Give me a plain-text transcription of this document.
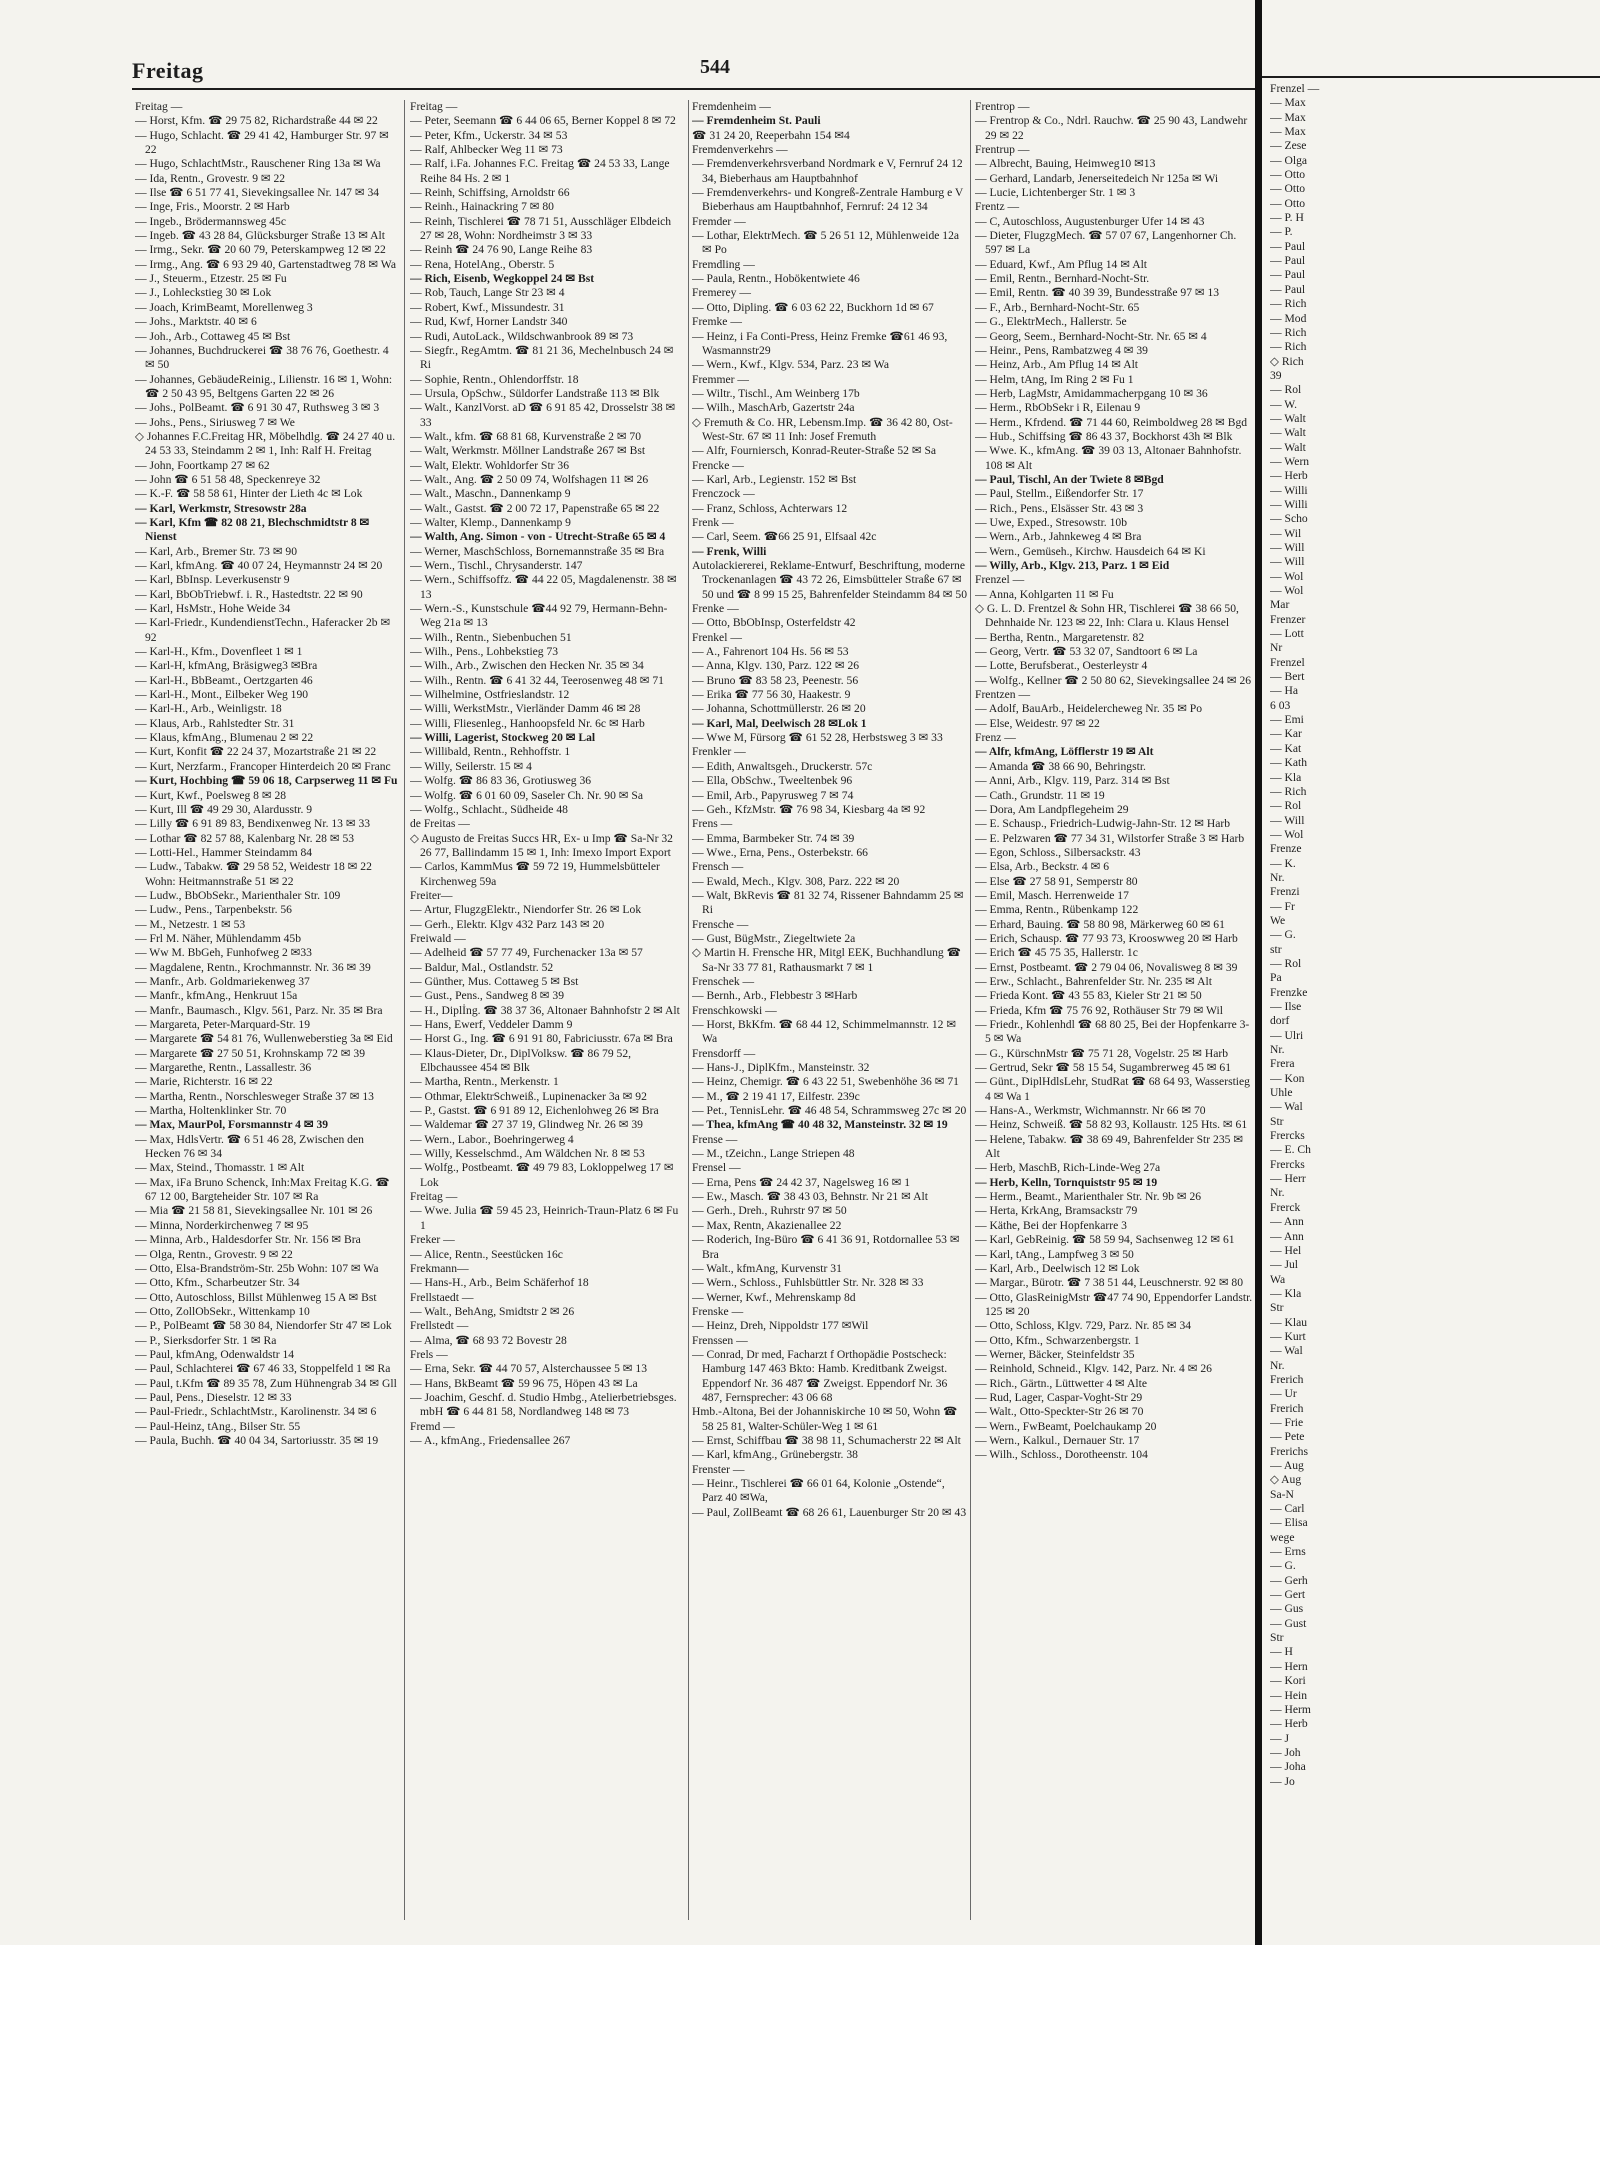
Freitag	544
Freitag —
— Horst, Kfm. ☎ 29 75 82, Richardstraße 44 ✉ 22
— Hugo, Schlacht. ☎ 29 41 42, Hamburger Str. 97 ✉ 22
— Hugo, SchlachtMstr., Rauschener Ring 13a ✉ Wa
— Ida, Rentn., Grovestr. 9 ✉ 22
— Ilse ☎ 6 51 77 41, Sievekingsallee Nr. 147 ✉ 34
— Inge, Fris., Moorstr. 2 ✉ Harb
— Ingeb., Brödermannsweg 45c
— Ingeb. ☎ 43 28 84, Glücksburger Straße 13 ✉ Alt
— Irmg., Sekr. ☎ 20 60 79, Peterskampweg 12 ✉ 22
— Irmg., Ang. ☎ 6 93 29 40, Gartenstadtweg 78 ✉ Wa
— J., Steuerm., Etzestr. 25 ✉ Fu
— J., Lohleckstieg 30 ✉ Lok
— Joach, KrimBeamt, Morellenweg 3
— Johs., Marktstr. 40 ✉ 6
— Joh., Arb., Cottaweg 45 ✉ Bst
— Johannes, Buchdruckerei ☎ 38 76 76, Goethestr. 4 ✉ 50
— Johannes, GebäudeReinig., Lilienstr. 16 ✉ 1, Wohn: ☎ 2 50 43 95, Beltgens Garten 22 ✉ 26
— Johs., PolBeamt. ☎ 6 91 30 47, Ruthsweg 3 ✉ 3
— Johs., Pens., Siriusweg 7 ✉ We
◇ Johannes F.C.Freitag HR, Möbelhdlg. ☎ 24 27 40 u. 24 53 33, Steindamm 2 ✉ 1, Inh: Ralf H. Freitag
— John, Foortkamp 27 ✉ 62
— John ☎ 6 51 58 48, Speckenreye 32
— K.-F. ☎ 58 58 61, Hinter der Lieth 4c ✉ Lok
— Karl, Werkmstr, Stresowstr 28a
— Karl, Kfm ☎ 82 08 21, Blechschmidtstr 8 ✉ Nienst
— Karl, Arb., Bremer Str. 73 ✉ 90
— Karl, kfmAng. ☎ 40 07 24, Heymannstr 24 ✉ 20
— Karl, BbInsp. Leverkusenstr 9
— Karl, BbObTriebwf. i. R., Hastedtstr. 22 ✉ 90
— Karl, HsMstr., Hohe Weide 34
— Karl-Friedr., KundendienstTechn., Haferacker 2b ✉ 92
— Karl-H., Kfm., Dovenfleet 1 ✉ 1
— Karl-H, kfmAng, Bräsigweg3 ✉Bra
— Karl-H., BbBeamt., Oertzgarten 46
— Karl-H., Mont., Eilbeker Weg 190
— Karl-H., Arb., Weinligstr. 18
— Klaus, Arb., Rahlstedter Str. 31
— Klaus, kfmAng., Blumenau 2 ✉ 22
— Kurt, Konfit ☎ 22 24 37, Mozartstraße 21 ✉ 22
— Kurt, Nerzfarm., Francoper Hinterdeich 20 ✉ Franc
— Kurt, Hochbing ☎ 59 06 18, Carpserweg 11 ✉ Fu
— Kurt, Kwf., Poelsweg 8 ✉ 28
— Kurt, Ill ☎ 49 29 30, Alardusstr. 9
— Lilly ☎ 6 91 89 83, Bendixenweg Nr. 13 ✉ 33
— Lothar ☎ 82 57 88, Kalenbarg Nr. 28 ✉ 53
— Lotti-Hel., Hammer Steindamm 84
— Ludw., Tabakw. ☎ 29 58 52, Weidestr 18 ✉ 22 Wohn: Heitmannstraße 51 ✉ 22
— Ludw., BbObSekr., Marienthaler Str. 109
— Ludw., Pens., Tarpenbekstr. 56
— M., Netzestr. 1 ✉ 53
— Frl M. Näher, Mühlendamm 45b
— Ww M. BbGeh, Funhofweg 2 ✉33
— Magdalene, Rentn., Krochmannstr. Nr. 36 ✉ 39
— Manfr., Arb. Goldmariekenweg 37
— Manfr., kfmAng., Henkruut 15a
— Manfr., Baumasch., Klgv. 561, Parz. Nr. 35 ✉ Bra
— Margareta, Peter-Marquard-Str. 19
— Margarete ☎ 54 81 76, Wullenweberstieg 3a ✉ Eid
— Margarete ☎ 27 50 51, Krohnskamp 72 ✉ 39
— Margarethe, Rentn., Lassallestr. 36
— Marie, Richterstr. 16 ✉ 22
— Martha, Rentn., Norschlesweger Straße 37 ✉ 13
— Martha, Holtenklinker Str. 70
— Max, MaurPol, Forsmannstr 4 ✉ 39
— Max, HdlsVertr. ☎ 6 51 46 28, Zwischen den Hecken 76 ✉ 34
— Max, Steind., Thomasstr. 1 ✉ Alt
— Max, iFa Bruno Schenck, Inh:Max Freitag K.G. ☎ 67 12 00, Bargteheider Str. 107 ✉ Ra
— Mia ☎ 21 58 81, Sievekingsallee Nr. 101 ✉ 26
— Minna, Norderkirchenweg 7 ✉ 95
— Minna, Arb., Haldesdorfer Str. Nr. 156 ✉ Bra
— Olga, Rentn., Grovestr. 9 ✉ 22
— Otto, Elsa-Brandström-Str. 25b Wohn: 107 ✉ Wa
— Otto, Kfm., Scharbeutzer Str. 34
— Otto, Autoschloss, Billst Mühlenweg 15 A ✉ Bst
— Otto, ZollObSekr., Wittenkamp 10
— P., PolBeamt ☎ 58 30 84, Niendorfer Str 47 ✉ Lok
— P., Sierksdorfer Str. 1 ✉ Ra
— Paul, kfmAng, Odenwaldstr 14
— Paul, Schlachterei ☎ 67 46 33, Stoppelfeld 1 ✉ Ra
— Paul, t.Kfm ☎ 89 35 78, Zum Hühnengrab 34 ✉ Gll
— Paul, Pens., Dieselstr. 12 ✉ 33
— Paul-Friedr., SchlachtMstr., Karolinenstr. 34 ✉ 6
— Paul-Heinz, tAng., Bilser Str. 55
— Paula, Buchh. ☎ 40 04 34, Sartoriusstr. 35 ✉ 19
Freitag —
— Peter, Seemann ☎ 6 44 06 65, Berner Koppel 8 ✉ 72
— Peter, Kfm., Uckerstr. 34 ✉ 53
— Ralf, Ahlbecker Weg 11 ✉ 73
— Ralf, i.Fa. Johannes F.C. Freitag ☎ 24 53 33, Lange Reihe 84 Hs. 2 ✉ 1
— Reinh, Schiffsing, Arnoldstr 66
— Reinh., Hainackring 7 ✉ 80
— Reinh, Tischlerei ☎ 78 71 51, Ausschläger Elbdeich 27 ✉ 28, Wohn: Nordheimstr 3 ✉ 33
— Reinh ☎ 24 76 90, Lange Reihe 83
— Rena, HotelAng., Oberstr. 5
— Rich, Eisenb, Wegkoppel 24 ✉ Bst
— Rob, Tauch, Lange Str 23 ✉ 4
— Robert, Kwf., Missundestr. 31
— Rud, Kwf, Horner Landstr 340
— Rudi, AutoLack., Wildschwanbrook 89 ✉ 73
— Siegfr., RegAmtm. ☎ 81 21 36, Mechelnbusch 24 ✉ Ri
— Sophie, Rentn., Ohlendorffstr. 18
— Ursula, OpSchw., Süldorfer Landstraße 113 ✉ Blk
— Walt., KanzlVorst. aD ☎ 6 91 85 42, Drosselstr 38 ✉ 33
— Walt., kfm. ☎ 68 81 68, Kurvenstraße 2 ✉ 70
— Walt, Werkmstr. Möllner Landstraße 267 ✉ Bst
— Walt, Elektr. Wohldorfer Str 36
— Walt., Ang. ☎ 2 50 09 74, Wolfshagen 11 ✉ 26
— Walt., Maschn., Dannenkamp 9
— Walt., Gastst. ☎ 2 00 72 17, Papenstraße 65 ✉ 22
— Walter, Klemp., Dannenkamp 9
— Walth, Ang. Simon - von - Utrecht-Straße 65 ✉ 4
— Werner, MaschSchloss, Bornemannstraße 35 ✉ Bra
— Wern., Tischl., Chrysanderstr. 147
— Wern., Schiffsoffz. ☎ 44 22 05, Magdalenenstr. 38 ✉ 13
— Wern.-S., Kunstschule ☎44 92 79, Hermann-Behn-Weg 21a ✉ 13
— Wilh., Rentn., Siebenbuchen 51
— Wilh., Pens., Lohbekstieg 73
— Wilh., Arb., Zwischen den Hecken Nr. 35 ✉ 34
— Wilh., Rentn. ☎ 6 41 32 44, Teerosenweg 48 ✉ 71
— Wilhelmine, Ostfrieslandstr. 12
— Willi, WerkstMstr., Vierländer Damm 46 ✉ 28
— Willi, Fliesenleg., Hanhoopsfeld Nr. 6c ✉ Harb
— Willi, Lagerist, Stockweg 20 ✉ Lal
— Willibald, Rentn., Rehhoffstr. 1
— Willy, Seilerstr. 15 ✉ 4
— Wolfg. ☎ 86 83 36, Grotiusweg 36
— Wolfg. ☎ 6 01 60 09, Saseler Ch. Nr. 90 ✉ Sa
— Wolfg., Schlacht., Südheide 48
de Freitas —
◇ Augusto de Freitas Succs HR, Ex- u Imp ☎ Sa-Nr 32 26 77, Ballindamm 15 ✉ 1, Inh: Imexo Import Export
— Carlos, KammMus ☎ 59 72 19, Hummelsbütteler Kirchenweg 59a
Freiter—
— Artur, FlugzgElektr., Niendorfer Str. 26 ✉ Lok
— Gerh., Elektr. Klgv 432 Parz 143 ✉ 20
Freiwald —
— Adelheid ☎ 57 77 49, Furchenacker 13a ✉ 57
— Baldur, Mal., Ostlandstr. 52
— Günther, Mus. Cottaweg 5 ✉ Bst
— Gust., Pens., Sandweg 8 ✉ 39
— H., Diplİng. ☎ 38 37 36, Altonaer Bahnhofstr 2 ✉ Alt
— Hans, Ewerf, Veddeler Damm 9
— Horst G., Ing. ☎ 6 91 91 80, Fabriciusstr. 67a ✉ Bra
— Klaus-Dieter, Dr., DiplVolksw. ☎ 86 79 52, Elbchaussee 454 ✉ Blk
— Martha, Rentn., Merkenstr. 1
— Othmar, ElektrSchweiß., Lupinenacker 3a ✉ 92
— P., Gastst. ☎ 6 91 89 12, Eichenlohweg 26 ✉ Bra
— Waldemar ☎ 27 37 19, Glindweg Nr. 26 ✉ 39
— Wern., Labor., Boehringerweg 4
— Willy, Kesselschmd., Am Wäldchen Nr. 8 ✉ 53
— Wolfg., Postbeamt. ☎ 49 79 83, Lokloppelweg 17 ✉ Lok
Freitag —
— Wwe. Julia ☎ 59 45 23, Heinrich-Traun-Platz 6 ✉ Fu 1
Freker —
— Alice, Rentn., Seestücken 16c
Frekmann—
— Hans-H., Arb., Beim Schäferhof 18
Frellstaedt —
— Walt., BehAng, Smidtstr 2 ✉ 26
Frellstedt —
— Alma, ☎ 68 93 72 Bovestr 28
Frels —
— Erna, Sekr. ☎ 44 70 57, Alsterchaussee 5 ✉ 13
— Hans, BkBeamt ☎ 59 96 75, Höpen 43 ✉ La
— Joachim, Geschf. d. Studio Hmbg., Atelierbetriebsges. mbH ☎ 6 44 81 58, Nordlandweg 148 ✉ 73
Fremd —
— A., kfmAng., Friedensallee 267
Fremdenheim —
— Fremdenheim St. Pauli
☎ 31 24 20, Reeperbahn 154 ✉4
Fremdenverkehrs —
— Fremdenverkehrsverband Nordmark e V, Fernruf 24 12 34, Bieberhaus am Hauptbahnhof
— Fremdenverkehrs- und Kongreß-Zentrale Hamburg e V Bieberhaus am Hauptbahnhof, Fernruf: 24 12 34
Fremder —
— Lothar, ElektrMech. ☎ 5 26 51 12, Mühlenweide 12a ✉ Po
Fremdling —
— Paula, Rentn., Hobökentwiete 46
Fremerey —
— Otto, Dipling. ☎ 6 03 62 22, Buckhorn 1d ✉ 67
Fremke —
— Heinz, i Fa Conti-Press, Heinz Fremke ☎61 46 93, Wasmannstr29
— Wern., Kwf., Klgv. 534, Parz. 23 ✉ Wa
Fremmer —
— Wiltr., Tischl., Am Weinberg 17b
— Wilh., MaschArb, Gazertstr 24a
◇ Fremuth & Co. HR, Lebensm.Imp. ☎ 36 42 80, Ost-West-Str. 67 ✉ 11 Inh: Josef Fremuth
— Alfr, Fourniersch, Konrad-Reuter-Straße 52 ✉ Sa
Frencke —
— Karl, Arb., Legienstr. 152 ✉ Bst
Frenczock —
— Franz, Schloss, Achterwars 12
Frenk —
— Carl, Seem. ☎66 25 91, Elfsaal 42c
— Frenk, Willi
Autolackiererei, Reklame-Entwurf, Beschriftung, moderne Trockenanlagen ☎ 43 72 26, Eimsbütteler Straße 67 ✉ 50 und ☎ 8 99 15 25, Bahrenfelder Steindamm 84 ✉ 50
Frenke —
— Otto, BbObInsp, Osterfeldstr 42
Frenkel —
— A., Fahrenort 104 Hs. 56 ✉ 53
— Anna, Klgv. 130, Parz. 122 ✉ 26
— Bruno ☎ 83 58 23, Peenestr. 56
— Erika ☎ 77 56 30, Haakestr. 9
— Johanna, Schottmüllerstr. 26 ✉ 20
— Karl, Mal, Deelwisch 28 ✉Lok 1
— Wwe M, Fürsorg ☎ 61 52 28, Herbstsweg 3 ✉ 33
Frenkler —
— Edith, Anwaltsgeh., Druckerstr. 57c
— Ella, ObSchw., Tweeltenbek 96
— Emil, Arb., Papyrusweg 7 ✉ 74
— Geh., KfzMstr. ☎ 76 98 34, Kiesbarg 4a ✉ 92
Frens —
— Emma, Barmbeker Str. 74 ✉ 39
— Wwe., Erna, Pens., Osterbekstr. 66
Frensch —
— Ewald, Mech., Klgv. 308, Parz. 222 ✉ 20
— Walt, BkRevis ☎ 81 32 74, Rissener Bahndamm 25 ✉ Ri
Frensche —
— Gust, BügMstr., Ziegeltwiete 2a
◇ Martin H. Frensche HR, Mitgl EEK, Buchhandlung ☎ Sa-Nr 33 77 81, Rathausmarkt 7 ✉ 1
Frenschek —
— Bernh., Arb., Flebbestr 3 ✉Harb
Frenschkowski —
— Horst, BkKfm. ☎ 68 44 12, Schimmelmannstr. 12 ✉ Wa
Frensdorff —
— Hans-J., DiplKfm., Mansteinstr. 32
— Heinz, Chemigr. ☎ 6 43 22 51, Swebenhöhe 36 ✉ 71
— M., ☎ 2 19 41 17, Eilfestr. 239c
— Pet., TennisLehr. ☎ 46 48 54, Schrammsweg 27c ✉ 20
— Thea, kfmAng ☎ 40 48 32, Mansteinstr. 32 ✉ 19
Frense —
— M., tZeichn., Lange Striepen 48
Frensel —
— Erna, Pens ☎ 24 42 37, Nagelsweg 16 ✉ 1
— Ew., Masch. ☎ 38 43 03, Behnstr. Nr 21 ✉ Alt
— Gerh., Dreh., Ruhrstr 97 ✉ 50
— Max, Rentn, Akazienallee 22
— Roderich, Ing-Büro ☎ 6 41 36 91, Rotdornallee 53 ✉ Bra
— Walt., kfmAng, Kurvenstr 31
— Wern., Schloss., Fuhlsbüttler Str. Nr. 328 ✉ 33
— Werner, Kwf., Mehrenskamp 8d
Frenske —
— Heinz, Dreh, Nippoldstr 177 ✉Wil
Frenssen —
— Conrad, Dr med, Facharzt f Orthopädie Postscheck: Hamburg 147 463 Bkto: Hamb. Kreditbank Zweigst. Eppendorf Nr. 36 487 ☎ Zweigst. Eppendorf Nr. 36 487, Fernsprecher: 43 06 68
Hmb.-Altona, Bei der Johanniskirche 10 ✉ 50, Wohn ☎ 58 25 81, Walter-Schüler-Weg 1 ✉ 61
— Ernst, Schiffbau ☎ 38 98 11, Schumacherstr 22 ✉ Alt
— Karl, kfmAng., Grünebergstr. 38
Frenster —
— Heinr., Tischlerei ☎ 66 01 64, Kolonie „Ostende“, Parz 40 ✉Wa,
— Paul, ZollBeamt ☎ 68 26 61, Lauenburger Str 20 ✉ 43
Frentrop —
— Frentrop & Co., Ndrl. Rauchw. ☎ 25 90 43, Landwehr 29 ✉ 22
Frentrup —
— Albrecht, Bauing, Heimweg10 ✉13
— Gerhard, Landarb, Jenerseitedeich Nr 125a ✉ Wi
— Lucie, Lichtenberger Str. 1 ✉ 3
Frentz —
— C, Autoschloss, Augustenburger Ufer 14 ✉ 43
— Dieter, FlugzgMech. ☎ 57 07 67, Langenhorner Ch. 597 ✉ La
— Eduard, Kwf., Am Pflug 14 ✉ Alt
— Emil, Rentn., Bernhard-Nocht-Str.
— Emil, Rentn. ☎ 40 39 39, Bundesstraße 97 ✉ 13
— F., Arb., Bernhard-Nocht-Str. 65
— G., ElektrMech., Hallerstr. 5e
— Georg, Seem., Bernhard-Nocht-Str. Nr. 65 ✉ 4
— Heinr., Pens, Rambatzweg 4 ✉ 39
— Heinz, Arb., Am Pflug 14 ✉ Alt
— Helm, tAng, Im Ring 2 ✉ Fu 1
— Herb, LagMstr, Amidammacherpgang 10 ✉ 36
— Herm., RbObSekr i R, Eilenau 9
— Herm., Kfrdend. ☎ 71 44 60, Reimboldweg 28 ✉ Bgd
— Hub., Schiffsing ☎ 86 43 37, Bockhorst 43h ✉ Blk
— Wwe. K., kfmAng. ☎ 39 03 13, Altonaer Bahnhofstr. 108 ✉ Alt
— Paul, Tischl, An der Twiete 8 ✉Bgd
— Paul, Stellm., Eißendorfer Str. 17
— Rich., Pens., Elsässer Str. 43 ✉ 3
— Uwe, Exped., Stresowstr. 10b
— Wern., Arb., Jahnkeweg 4 ✉ Bra
— Wern., Gemüseh., Kirchw. Hausdeich 64 ✉ Ki
— Willy, Arb., Klgv. 213, Parz. 1 ✉ Eid
Frenzel —
— Anna, Kohlgarten 11 ✉ Fu
◇ G. L. D. Frentzel & Sohn HR, Tischlerei ☎ 38 66 50, Dehnhaide Nr. 123 ✉ 22, Inh: Clara u. Klaus Hensel
— Bertha, Rentn., Margaretenstr. 82
— Georg, Vertr. ☎ 53 32 07, Sandtoort 6 ✉ La
— Lotte, Berufsberat., Oesterleystr 4
— Wolfg., Kellner ☎ 2 50 80 62, Sievekingsallee 24 ✉ 26
Frentzen —
— Adolf, BauArb., Heidelercheweg Nr. 35 ✉ Po
— Else, Weidestr. 97 ✉ 22
Frenz —
— Alfr, kfmAng, Löfflerstr 19 ✉ Alt
— Amanda ☎ 38 66 90, Behringstr.
— Anni, Arb., Klgv. 119, Parz. 314 ✉ Bst
— Cath., Grundstr. 11 ✉ 19
— Dora, Am Landpflegeheim 29
— E. Schausp., Friedrich-Ludwig-Jahn-Str. 12 ✉ Harb
— E. Pelzwaren ☎ 77 34 31, Wilstorfer Straße 3 ✉ Harb
— Egon, Schloss., Silbersackstr. 43
— Elsa, Arb., Beckstr. 4 ✉ 6
— Else ☎ 27 58 91, Semperstr 80
— Emil, Masch. Herrenweide 17
— Emma, Rentn., Rübenkamp 122
— Erhard, Bauing. ☎ 58 80 98, Märkerweg 60 ✉ 61
— Erich, Schausp. ☎ 77 93 73, Krooswweg 20 ✉ Harb
— Erich ☎ 45 75 35, Hallerstr. 1c
— Ernst, Postbeamt. ☎ 2 79 04 06, Novalisweg 8 ✉ 39
— Erw., Schlacht., Bahrenfelder Str. Nr. 235 ✉ Alt
— Frieda Kont. ☎ 43 55 83, Kieler Str 21 ✉ 50
— Frieda, Kfm ☎ 75 76 92, Rothäuser Str 79 ✉ Wil
— Friedr., Kohlenhdl ☎ 68 80 25, Bei der Hopfenkarre 3-5 ✉ Wa
— G., KürschnMstr ☎ 75 71 28, Vogelstr. 25 ✉ Harb
— Gertrud, Sekr ☎ 58 15 54, Sugambrerweg 45 ✉ 61
— Günt., DiplHdlsLehr, StudRat ☎ 68 64 93, Wasserstieg 4 ✉ Wa 1
— Hans-A., Werkmstr, Wichmannstr. Nr 66 ✉ 70
— Heinz, Schweiß. ☎ 58 82 93, Kollaustr. 125 Hts. ✉ 61
— Helene, Tabakw. ☎ 38 69 49, Bahrenfelder Str 235 ✉ Alt
— Herb, MaschB, Rich-Linde-Weg 27a
— Herb, Kelln, Tornquiststr 95 ✉ 19
— Herm., Beamt., Marienthaler Str. Nr. 9b ✉ 26
— Herta, KrkAng, Bramsackstr 79
— Käthe, Bei der Hopfenkarre 3
— Karl, GebReinig. ☎ 58 59 94, Sachsenweg 12 ✉ 61
— Karl, tAng., Lampfweg 3 ✉ 50
— Karl, Arb., Deelwisch 12 ✉ Lok
— Margar., Bürotr. ☎ 7 38 51 44, Leuschnerstr. 92 ✉ 80
— Otto, GlasReinigMstr ☎47 74 90, Eppendorfer Landstr. 125 ✉ 20
— Otto, Schloss, Klgv. 729, Parz. Nr. 85 ✉ 34
— Otto, Kfm., Schwarzenbergstr. 1
— Werner, Bäcker, Steinfeldstr 35
— Reinhold, Schneid., Klgv. 142, Parz. Nr. 4 ✉ 26
— Rich., Gärtn., Lüttwetter 4 ✉ Alte
— Rud, Lager, Caspar-Voght-Str 29
— Walt., Otto-Speckter-Str 26 ✉ 70
— Wern., FwBeamt, Poelchaukamp 20
— Wern., Kalkul., Dernauer Str. 17
— Wilh., Schloss., Dorotheenstr. 104
Frenzel —
— Max
— Max
— Max
— Zese
— Olga
— Otto
— Otto
— Otto
— P. H
— P.
— Paul
— Paul
— Paul
— Paul
— Rich
— Mod
— Rich
— Rich
◇ Rich
39
— Rol
— W.
— Walt
— Walt
— Walt
— Wern
— Herb
— Willi
— Willi
— Scho
— Wil
— Will
— Will
— Wol
— Wol
Mar
Frenzer
— Lott
Nr
Frenzel
— Bert
— Ha
6 03
— Emi
— Kar
— Kat
— Kath
— Kla
— Rich
— Rol
— Will
— Wol
Frenze
— K.
Nr.
Frenzi
— Fr
We
— G.
str
— Rol
Pa
Frenzke
— Ilse
dorf
— Ulri
Nr.
Frera
— Kon
Uhle
— Wal
Str
Frercks
— E. Ch
Frercks
— Herr
Nr.
Frerck
— Ann
— Ann
— Hel
— Jul
Wa
— Kla
Str
— Klau
— Kurt
— Wal
Nr.
Frerich
— Ur
Frerich
— Frie
— Pete
Frerichs
— Aug
◇ Aug
Sa-N
— Carl
— Elisa
wege
— Erns
— G.
— Gerh
— Gert
— Gus
— Gust
Str
— H
— Hern
— Kori
— Hein
— Herm
— Herb
— J
— Joh
— Joha
— Jo
